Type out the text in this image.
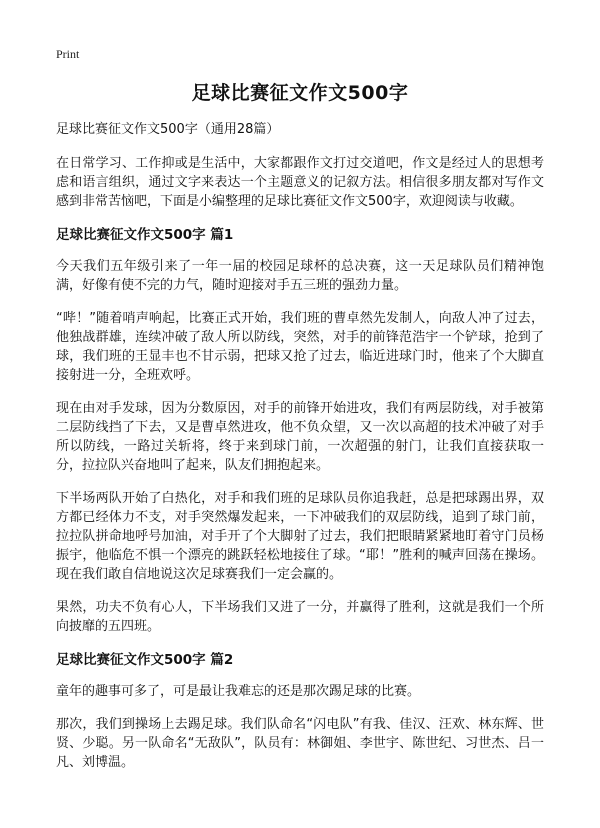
Print
足球比赛征文作文500字

足球比赛征文作文500字（通用28篇）

在日常学习、工作抑或是生活中，大家都跟作文打过交道吧，作文是经过人的思想考虑和语言组织，通过文字来表达一个主题意义的记叙方法。相信很多朋友都对写作文感到非常苦恼吧，下面是小编整理的足球比赛征文作文500字，欢迎阅读与收藏。

足球比赛征文作文500字 篇1

今天我们五年级引来了一年一届的校园足球杯的总决赛，这一天足球队员们精神饱满，好像有使不完的力气，随时迎接对手五三班的强劲力量。

“哔！”随着哨声响起，比赛正式开始，我们班的曹卓然先发制人，向敌人冲了过去，他独战群雄，连续冲破了敌人所以防线，突然，对手的前锋范浩宇一个铲球，抢到了球，我们班的王显丰也不甘示弱，把球又抢了过去，临近进球门时，他来了个大脚直接射进一分，全班欢呼。

现在由对手发球，因为分数原因，对手的前锋开始进攻，我们有两层防线，对手被第二层防线挡了下去，又是曹卓然进攻，他不负众望，又一次以高超的技术冲破了对手所以防线，一路过关斩将，终于来到球门前，一次超强的射门，让我们直接获取一分，拉拉队兴奋地叫了起来，队友们拥抱起来。

下半场两队开始了白热化，对手和我们班的足球队员你追我赶，总是把球踢出界，双方都已经体力不支，对手突然爆发起来，一下冲破我们的双层防线，追到了球门前，拉拉队拼命地呼号加油，对手开了个大脚射了过去，我们把眼睛紧紧地盯着守门员杨振宇，他临危不惧一个漂亮的跳跃轻松地接住了球。“耶！”胜利的喊声回荡在操场。现在我们敢自信地说这次足球赛我们一定会赢的。

果然，功夫不负有心人，下半场我们又进了一分，并赢得了胜利，这就是我们一个所向披靡的五四班。

足球比赛征文作文500字 篇2

童年的趣事可多了，可是最让我难忘的还是那次踢足球的比赛。

那次，我们到操场上去踢足球。我们队命名“闪电队”有我、佳汉、汪欢、林东辉、世贤、少聪。另一队命名“无敌队”，队员有：林御姐、李世宇、陈世纪、习世杰、吕一凡、刘博温。
